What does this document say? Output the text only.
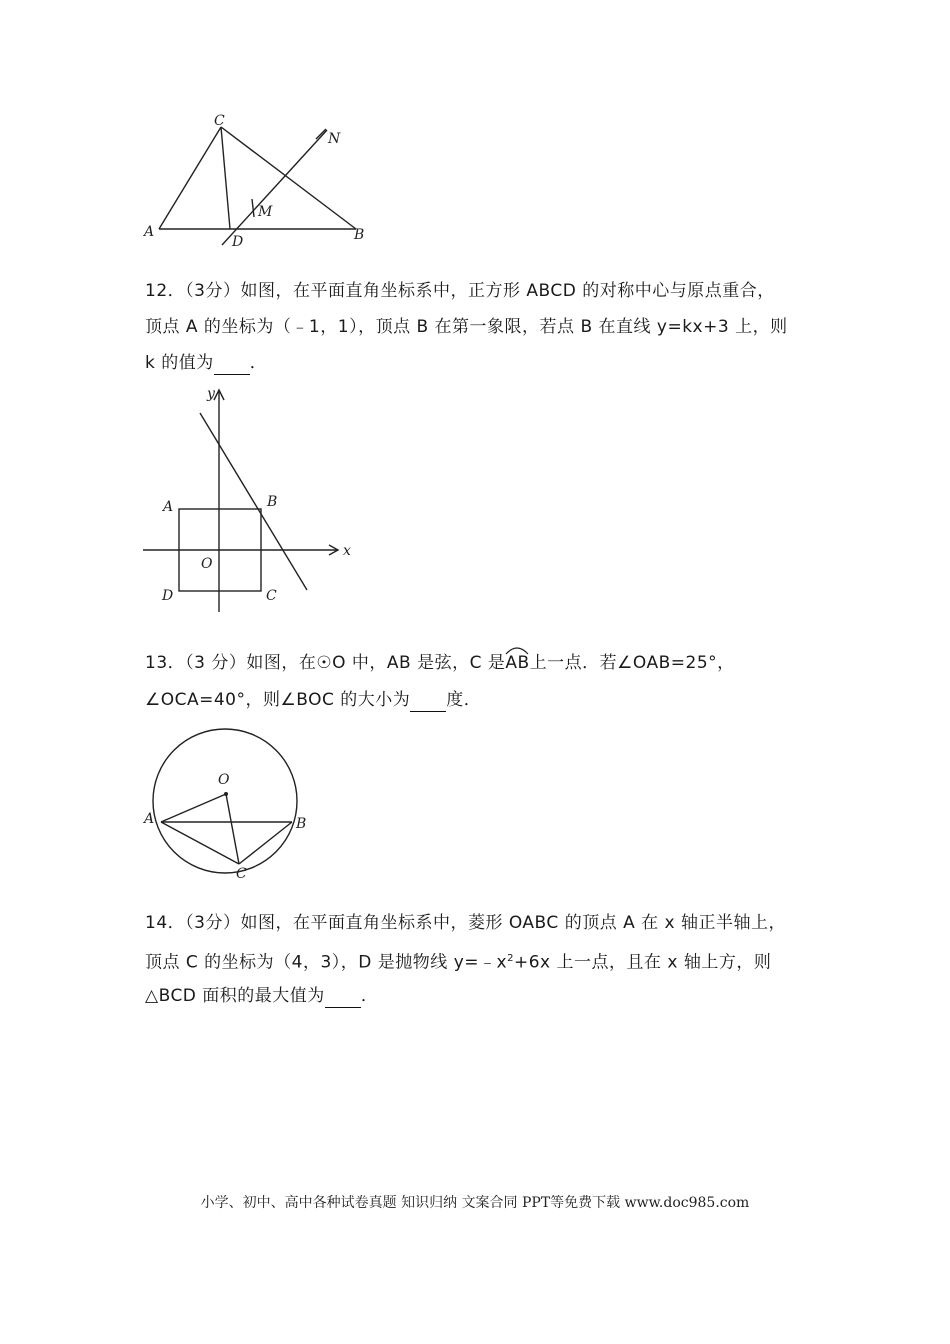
C
N
M
A
D	B
12．（3分）如图，在平面直角坐标系中，正方形 ABCD 的对称中心与原点重合，
顶点 A 的坐标为（﹣1，1），顶点 B 在第一象限，若点 B 在直线 y=kx+3 上，则
k 的值为 ．
y
x
A	B
O
D	C
13．（3 分）如图，在☉O 中，AB 是弦，C 是
AB上一点．若∠OAB=25°，
∠OCA=40°，则∠BOC 的大小为 度．
O
A	B
C
14．（3分）如图，在平面直角坐标系中，菱形 OABC 的顶点 A 在 x 轴正半轴上，
顶点 C 的坐标为（4，3），D 是抛物线 $y=﹣x^2+6x$ 上一点，且在 x 轴上方，则
△BCD 面积的最大值为 ．
小学、初中、高中各种试卷真题 知识归纳 文案合同 PPT等免费下载 www.doc985.com
